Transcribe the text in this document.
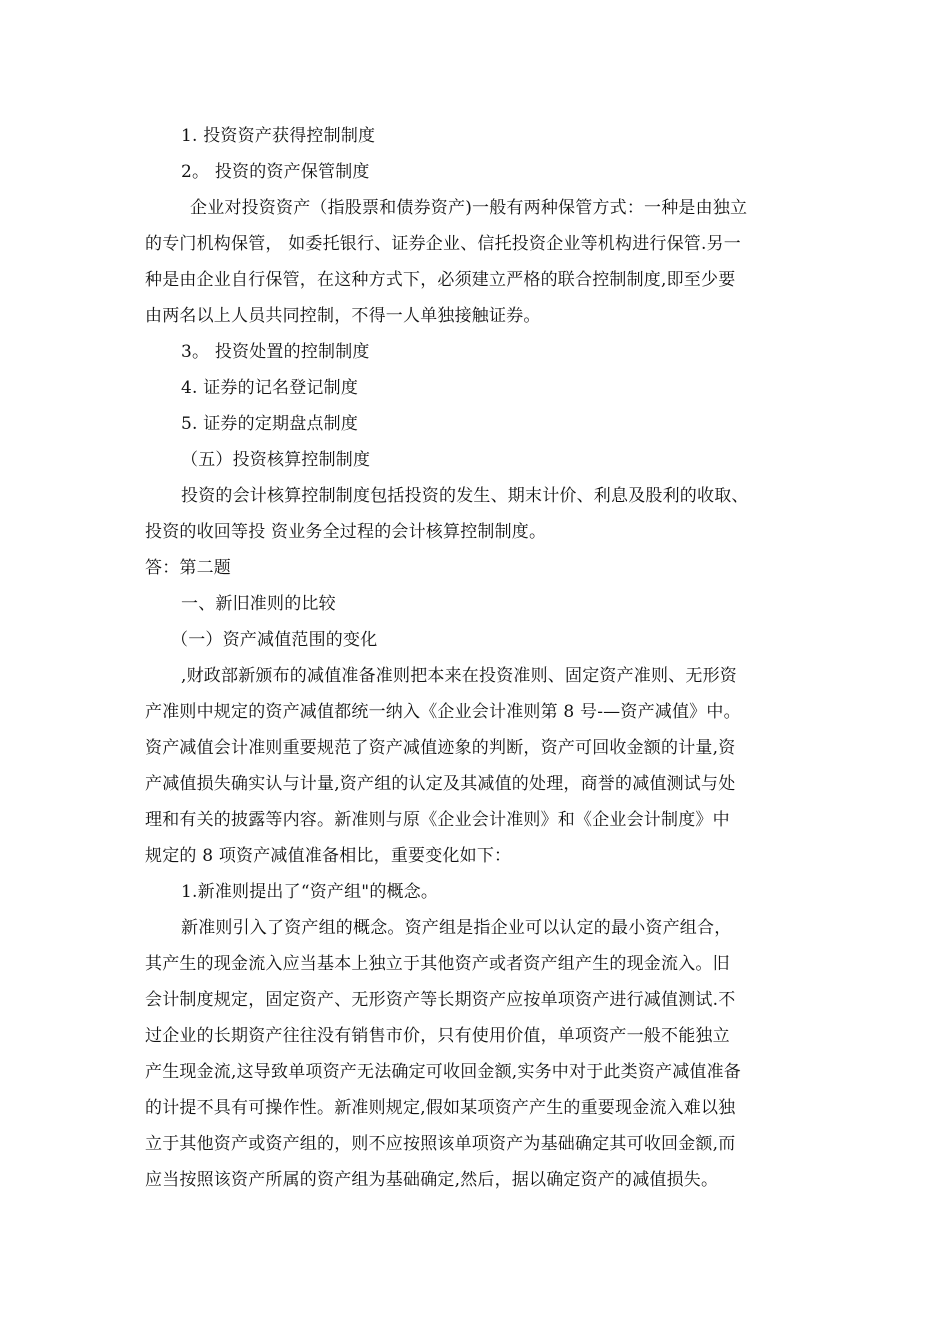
1. 投资资产获得控制制度
2。 投资的资产保管制度
企业对投资资产（指股票和债券资产)一般有两种保管方式：一种是由独立
的专门机构保管， 如委托银行、证券企业、信托投资企业等机构进行保管.另一
种是由企业自行保管，在这种方式下，必须建立严格的联合控制制度,即至少要
由两名以上人员共同控制，不得一人单独接触证券。
3。 投资处置的控制制度
4. 证券的记名登记制度
5. 证券的定期盘点制度
（五）投资核算控制制度
投资的会计核算控制制度包括投资的发生、期末计价、利息及股利的收取、
投资的收回等投 资业务全过程的会计核算控制制度。
答：第二题
一、新旧准则的比较
（一）资产减值范围的变化
,财政部新颁布的减值准备准则把本来在投资准则、固定资产准则、无形资
产准则中规定的资产减值都统一纳入《企业会计准则第 8 号-—资产减值》中。
资产减值会计准则重要规范了资产减值迹象的判断，资产可回收金额的计量,资
产减值损失确实认与计量,资产组的认定及其减值的处理，商誉的减值测试与处
理和有关的披露等内容。新准则与原《企业会计准则》和《企业会计制度》中
规定的 8 项资产减值准备相比，重要变化如下：
1.新准则提出了“资产组"的概念。
新准则引入了资产组的概念。资产组是指企业可以认定的最小资产组合，
其产生的现金流入应当基本上独立于其他资产或者资产组产生的现金流入。旧
会计制度规定，固定资产、无形资产等长期资产应按单项资产进行减值测试.不
过企业的长期资产往往没有销售市价，只有使用价值，单项资产一般不能独立
产生现金流,这导致单项资产无法确定可收回金额,实务中对于此类资产减值准备
的计提不具有可操作性。新准则规定,假如某项资产产生的重要现金流入难以独
立于其他资产或资产组的，则不应按照该单项资产为基础确定其可收回金额,而
应当按照该资产所属的资产组为基础确定,然后，据以确定资产的减值损失。
